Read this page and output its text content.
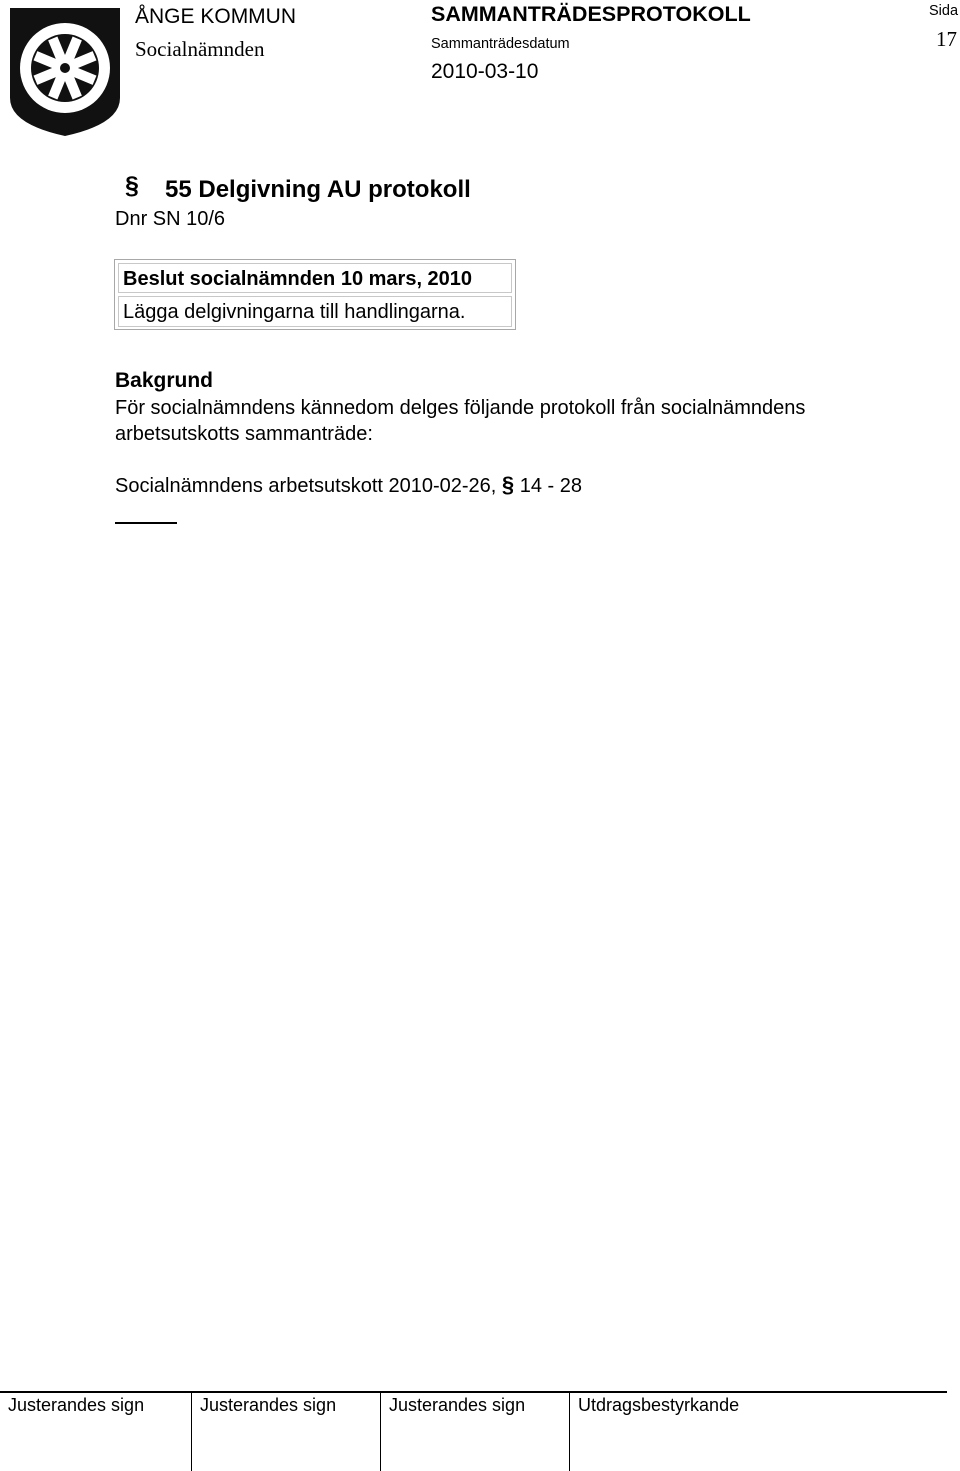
ÅNGE KOMMUN
Socialnämnden
SAMMANTRÄDESPROTOKOLL
Sammanträdesdatum
2010-03-10
Sida
17
§ 55 Delgivning AU protokoll
Dnr SN 10/6
Beslut socialnämnden 10 mars, 2010
Lägga delgivningarna till handlingarna.
Bakgrund
För socialnämndens kännedom delges följande protokoll från socialnämndens arbetsutskotts sammanträde:
Socialnämndens arbetsutskott 2010-02-26, § 14 - 28
Justerandes sign	Justerandes sign	Justerandes sign	Utdragsbestyrkande
